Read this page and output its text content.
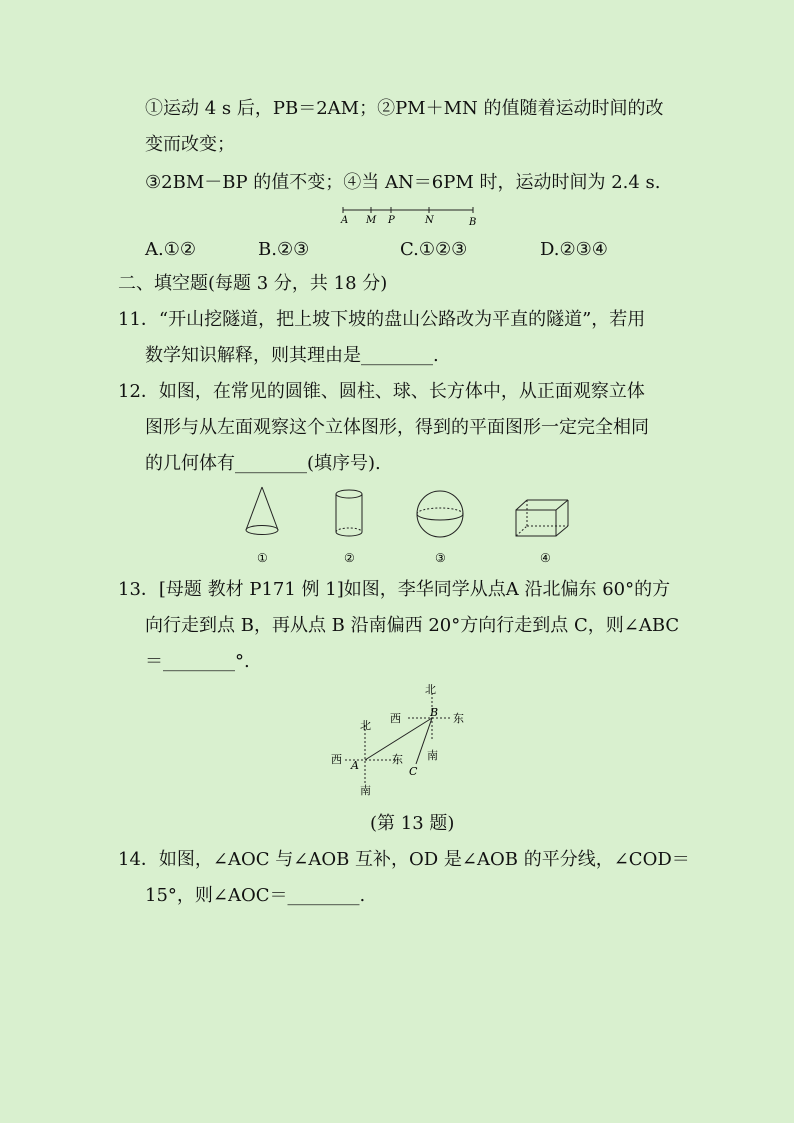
①运动 4 s 后，PB＝2AM；②PM＋MN 的值随着运动时间的改
变而改变；
③2BM－BP 的值不变；④当 AN＝6PM 时，运动时间为 2.4 s.
A M P	N	B
A.①②	B.②③	C.①②③	D.②③④
二、填空题(每题 3 分，共 18 分)
11．“开山挖隧道，把上坡下坡的盘山公路改为平直的隧道”，若用
数学知识解释，则其理由是________.
12．如图，在常见的圆锥、圆柱、球、长方体中，从正面观察立体
图形与从左面观察这个立体图形，得到的平面图形一定完全相同
的几何体有________(填序号).
①	②	③	④
13．[母题 教材 P171 例 1]如图，李华同学从点A 沿北偏东 60°的方
向行走到点 B，再从点 B 沿南偏西 20°方向行走到点 C，则∠ABC
＝________°.
北
南
西	东
A
北
南
西	东
B
C
(第 13 题)
14．如图，∠AOC 与∠AOB 互补，OD 是∠AOB 的平分线，∠COD＝
15°，则∠AOC＝________.
